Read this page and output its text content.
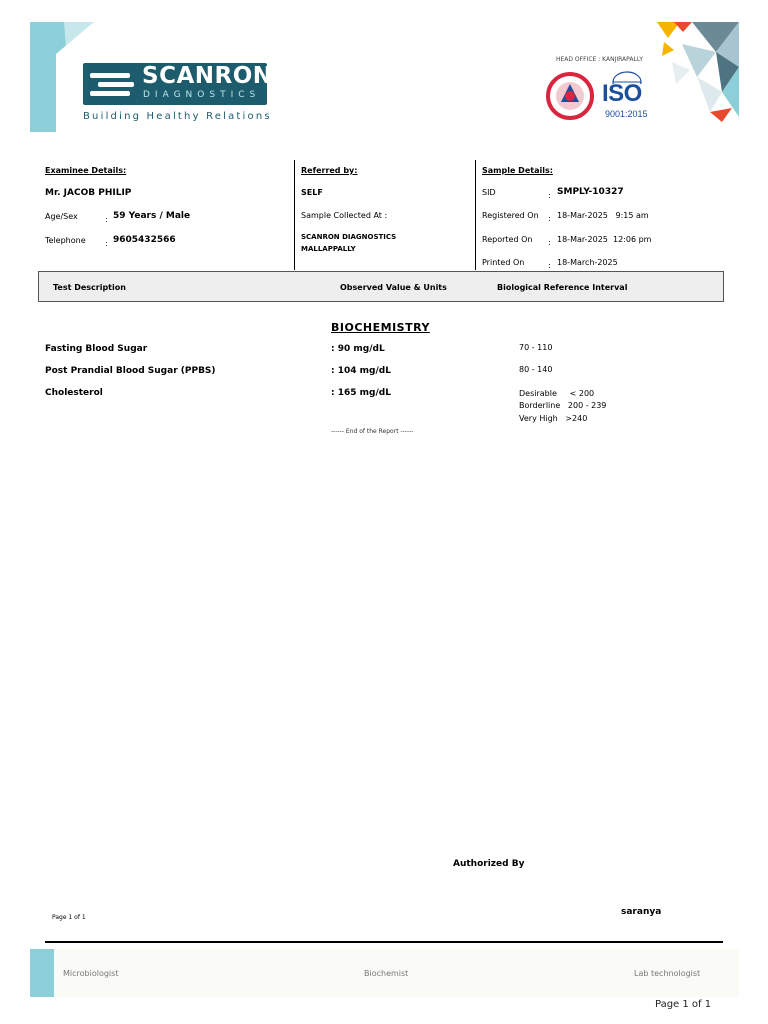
SCANRON
DIAGNOSTICS
Building Healthy Relations
HEAD OFFICE : KANJIRAPALLY
ISO
9001:2015
Examinee Details:
Mr. JACOB PHILIP
Age/Sex	: 59 Years / Male
Telephone : 9605432566
Referred by:
SELF
Sample Collected At :
SCANRON DIAGNOSTICS
MALLAPPALLY
Sample Details:
SID	: SMPLY-10327
Registered On : 18-Mar-2025   9:15 am
Reported On : 18-Mar-2025  12:06 pm
Printed On	: 18-March-2025
Test Description	Observed Value & Units	Biological Reference Interval
BIOCHEMISTRY
Fasting Blood Sugar	: 90 mg/dL	70 - 110
Post Prandial Blood Sugar (PPBS)	: 104 mg/dL	80 - 140
Cholesterol	: 165 mg/dL	Desirable     < 200
Borderline   200 - 239
Very High   >240
------ End of the Report ------
Authorized By
saranya
Page 1 of 1
Microbiologist	Biochemist	Lab technologist
Page 1 of 1
